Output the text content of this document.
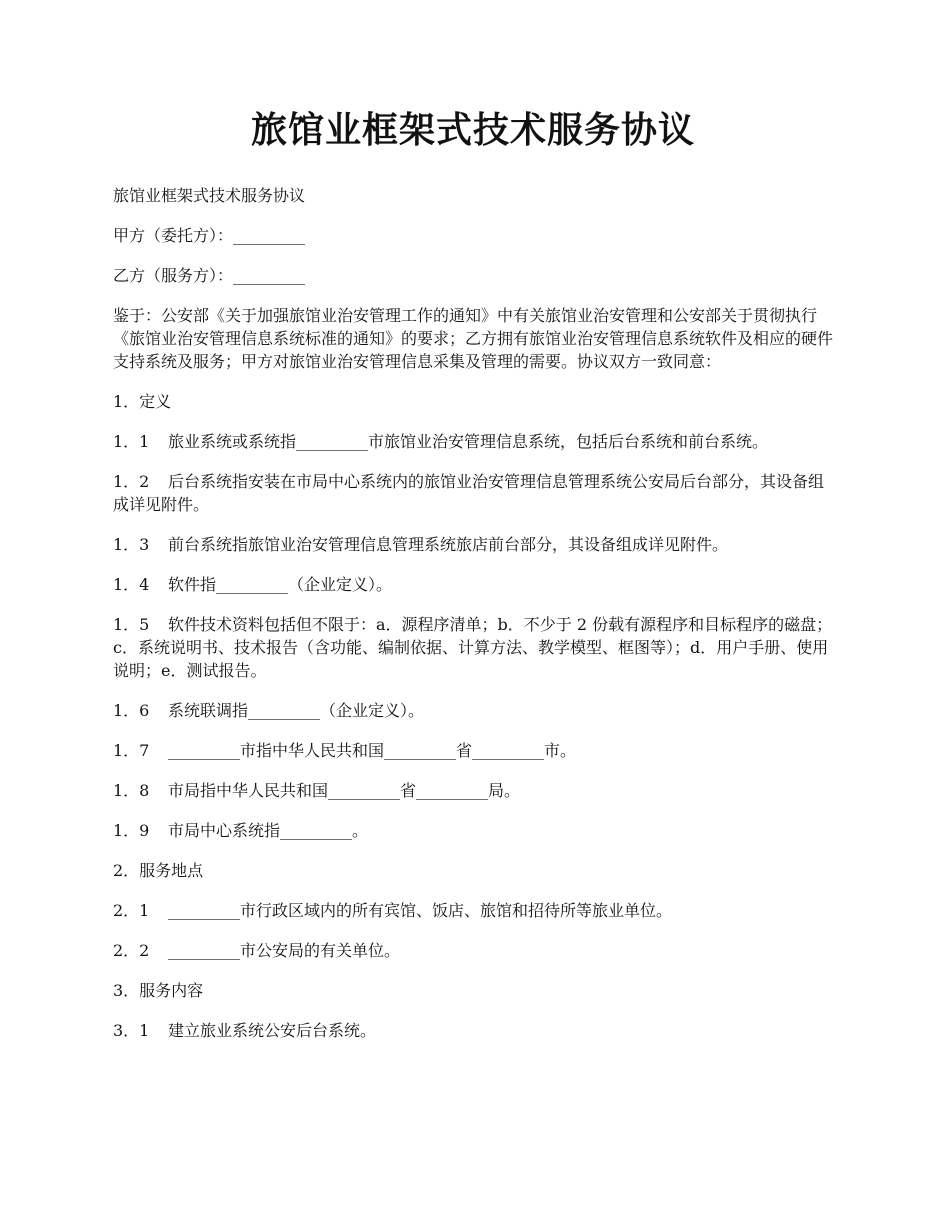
旅馆业框架式技术服务协议

旅馆业框架式技术服务协议

甲方（委托方）：_________

乙方（服务方）：_________

鉴于：公安部《关于加强旅馆业治安管理工作的通知》中有关旅馆业治安管理和公安部关于贯彻执行《旅馆业治安管理信息系统标准的通知》的要求；乙方拥有旅馆业治安管理信息系统软件及相应的硬件支持系统及服务；甲方对旅馆业治安管理信息采集及管理的需要。协议双方一致同意：

1．定义

1．1 旅业系统或系统指_________市旅馆业治安管理信息系统，包括后台系统和前台系统。

1．2 后台系统指安装在市局中心系统内的旅馆业治安管理信息管理系统公安局后台部分，其设备组成详见附件。

1．3 前台系统指旅馆业治安管理信息管理系统旅店前台部分，其设备组成详见附件。

1．4 软件指_________（企业定义）。

1．5 软件技术资料包括但不限于：a．源程序清单；b．不少于 2 份载有源程序和目标程序的磁盘；c．系统说明书、技术报告（含功能、编制依据、计算方法、教学模型、框图等）；d．用户手册、使用说明；e．测试报告。

1．6 系统联调指_________（企业定义）。

1．7 _________市指中华人民共和国_________省_________市。

1．8 市局指中华人民共和国_________省_________局。

1．9 市局中心系统指_________。

2．服务地点

2．1 _________市行政区域内的所有宾馆、饭店、旅馆和招待所等旅业单位。

2．2 _________市公安局的有关单位。

3．服务内容

3．1 建立旅业系统公安后台系统。
